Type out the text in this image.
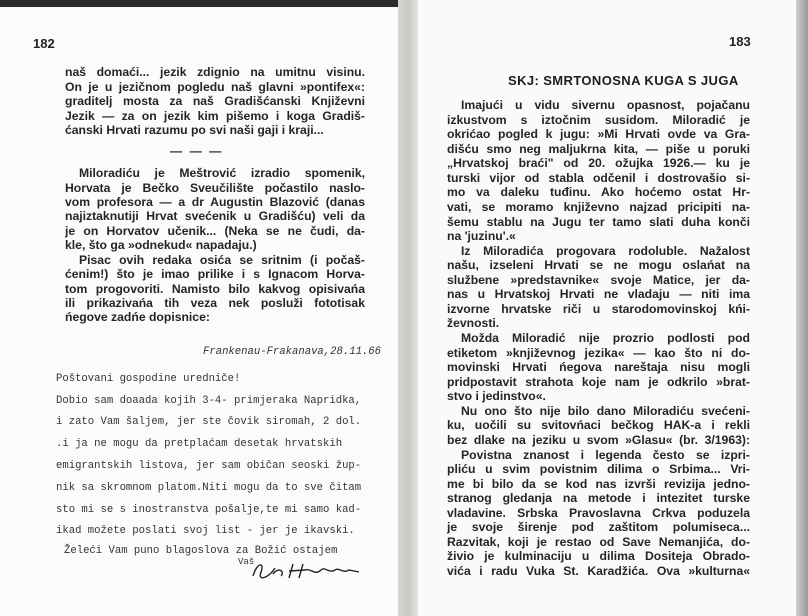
182
— — —
Frankenau-Frakanava,28.11.66
Poštovani gospodine uredniče!
Želeći Vam puno blagoslova za Božić ostajem
Vaš
naš domaći... jezik zdignio na umitnu visinu.
On je u jezičnom pogledu naš glavni »pontifex«:
graditelj mosta za naš Gradišćanski Književni
Jezik — za on jezik kim pišemo i koga Gradiš-
ćanski Hrvati razumu po svi naši gaji i kraji...
Miloradiću je Meštrović izradio spomenik,
Horvata je Bečko Sveučilište počastilo naslo-
vom profesora — a dr Augustin Blazović (danas
najiztaknutiji Hrvat svećenik u Gradišću) veli da
je on Horvatov učenik... (Neka se ne čudi, da-
kle, što ga »odnekud« napadaju.)
Pisac ovih redaka osića se sritnim (i počaš-
ćenim!) što je imao prilike i s Ignacom Horva-
tom progovoriti. Namisto bilo kakvog opisivańa
ili prikazivańa tih veza nek posluži fototisak
ńegove zadńe dopisnice:
Dobio sam doaada kojih 3-4- primjeraka Napridka,
i zato Vam šaljem, jer ste čovik siromah, 2 dol.
.i ja ne mogu da pretplaćam desetak hrvatskih
emigrantskih listova, jer sam običan seoski žup-
nik sa skromnom platom.Niti mogu da to sve čitam
sto mi se s inostranstva pošalje,te mi samo kad-
ikad možete poslati svoj list - jer je ikavski.
183
SKJ: SMRTONOSNA KUGA S JUGA
Imajući u vidu sivernu opasnost, pojačanu
izkustvom s iztočnim susidom. Miloradić je
okrićao pogled k jugu: »Mi Hrvati ovde va Gra-
dišću smo neg maljukrna kita, — piše u poruki
„Hrvatskoj braći" od 20. ožujka 1926.— ku je
turski vijor od stabla odčenil i dostrovašio si-
mo va daleku tuđinu. Ako hoćemo ostat Hr-
vati, se moramo književno najzad pricipiti na-
šemu stablu na Jugu ter tamo slati duha konči
na 'juzinu'.«
Iz Miloradića progovara rodoluble. Nažalost
našu, izseleni Hrvati se ne mogu oslańat na
službene »predstavnike« svoje Matice, jer da-
nas u Hrvatskoj Hrvati ne vladaju — niti ima
izvorne hrvatske riči u starodomovinskoj kńi-
ževnosti.
Možda Miloradić nije prozrio podlosti pod
etiketom »književnog jezika« — kao što ni do-
movinski Hrvati ńegova nareštaja nisu mogli
pridpostavit strahota koje nam je odkrilo »brat-
stvo i jedinstvo«.
Nu ono što nije bilo dano Miloradiću svećeni-
ku, uočili su svitovńaci bečkog HAK-a i rekli
bez dlake na jeziku u svom »Glasu« (br. 3/1963):
Povistna znanost i legenda često se izpri-
pliću u svim povistnim dilima o Srbima... Vri-
me bi bilo da se kod nas izvrši revizija jedno-
stranog gledanja na metode i intezitet turske
vladavine. Srbska Pravoslavna Crkva poduzela
je svoje širenje pod zaštitom polumiseca...
Razvitak, koji je restao od Save Nemanjića, do-
živio je kulminaciju u dilima Dositeja Obrado-
vića i radu Vuka St. Karadžića. Ova »kulturna«
